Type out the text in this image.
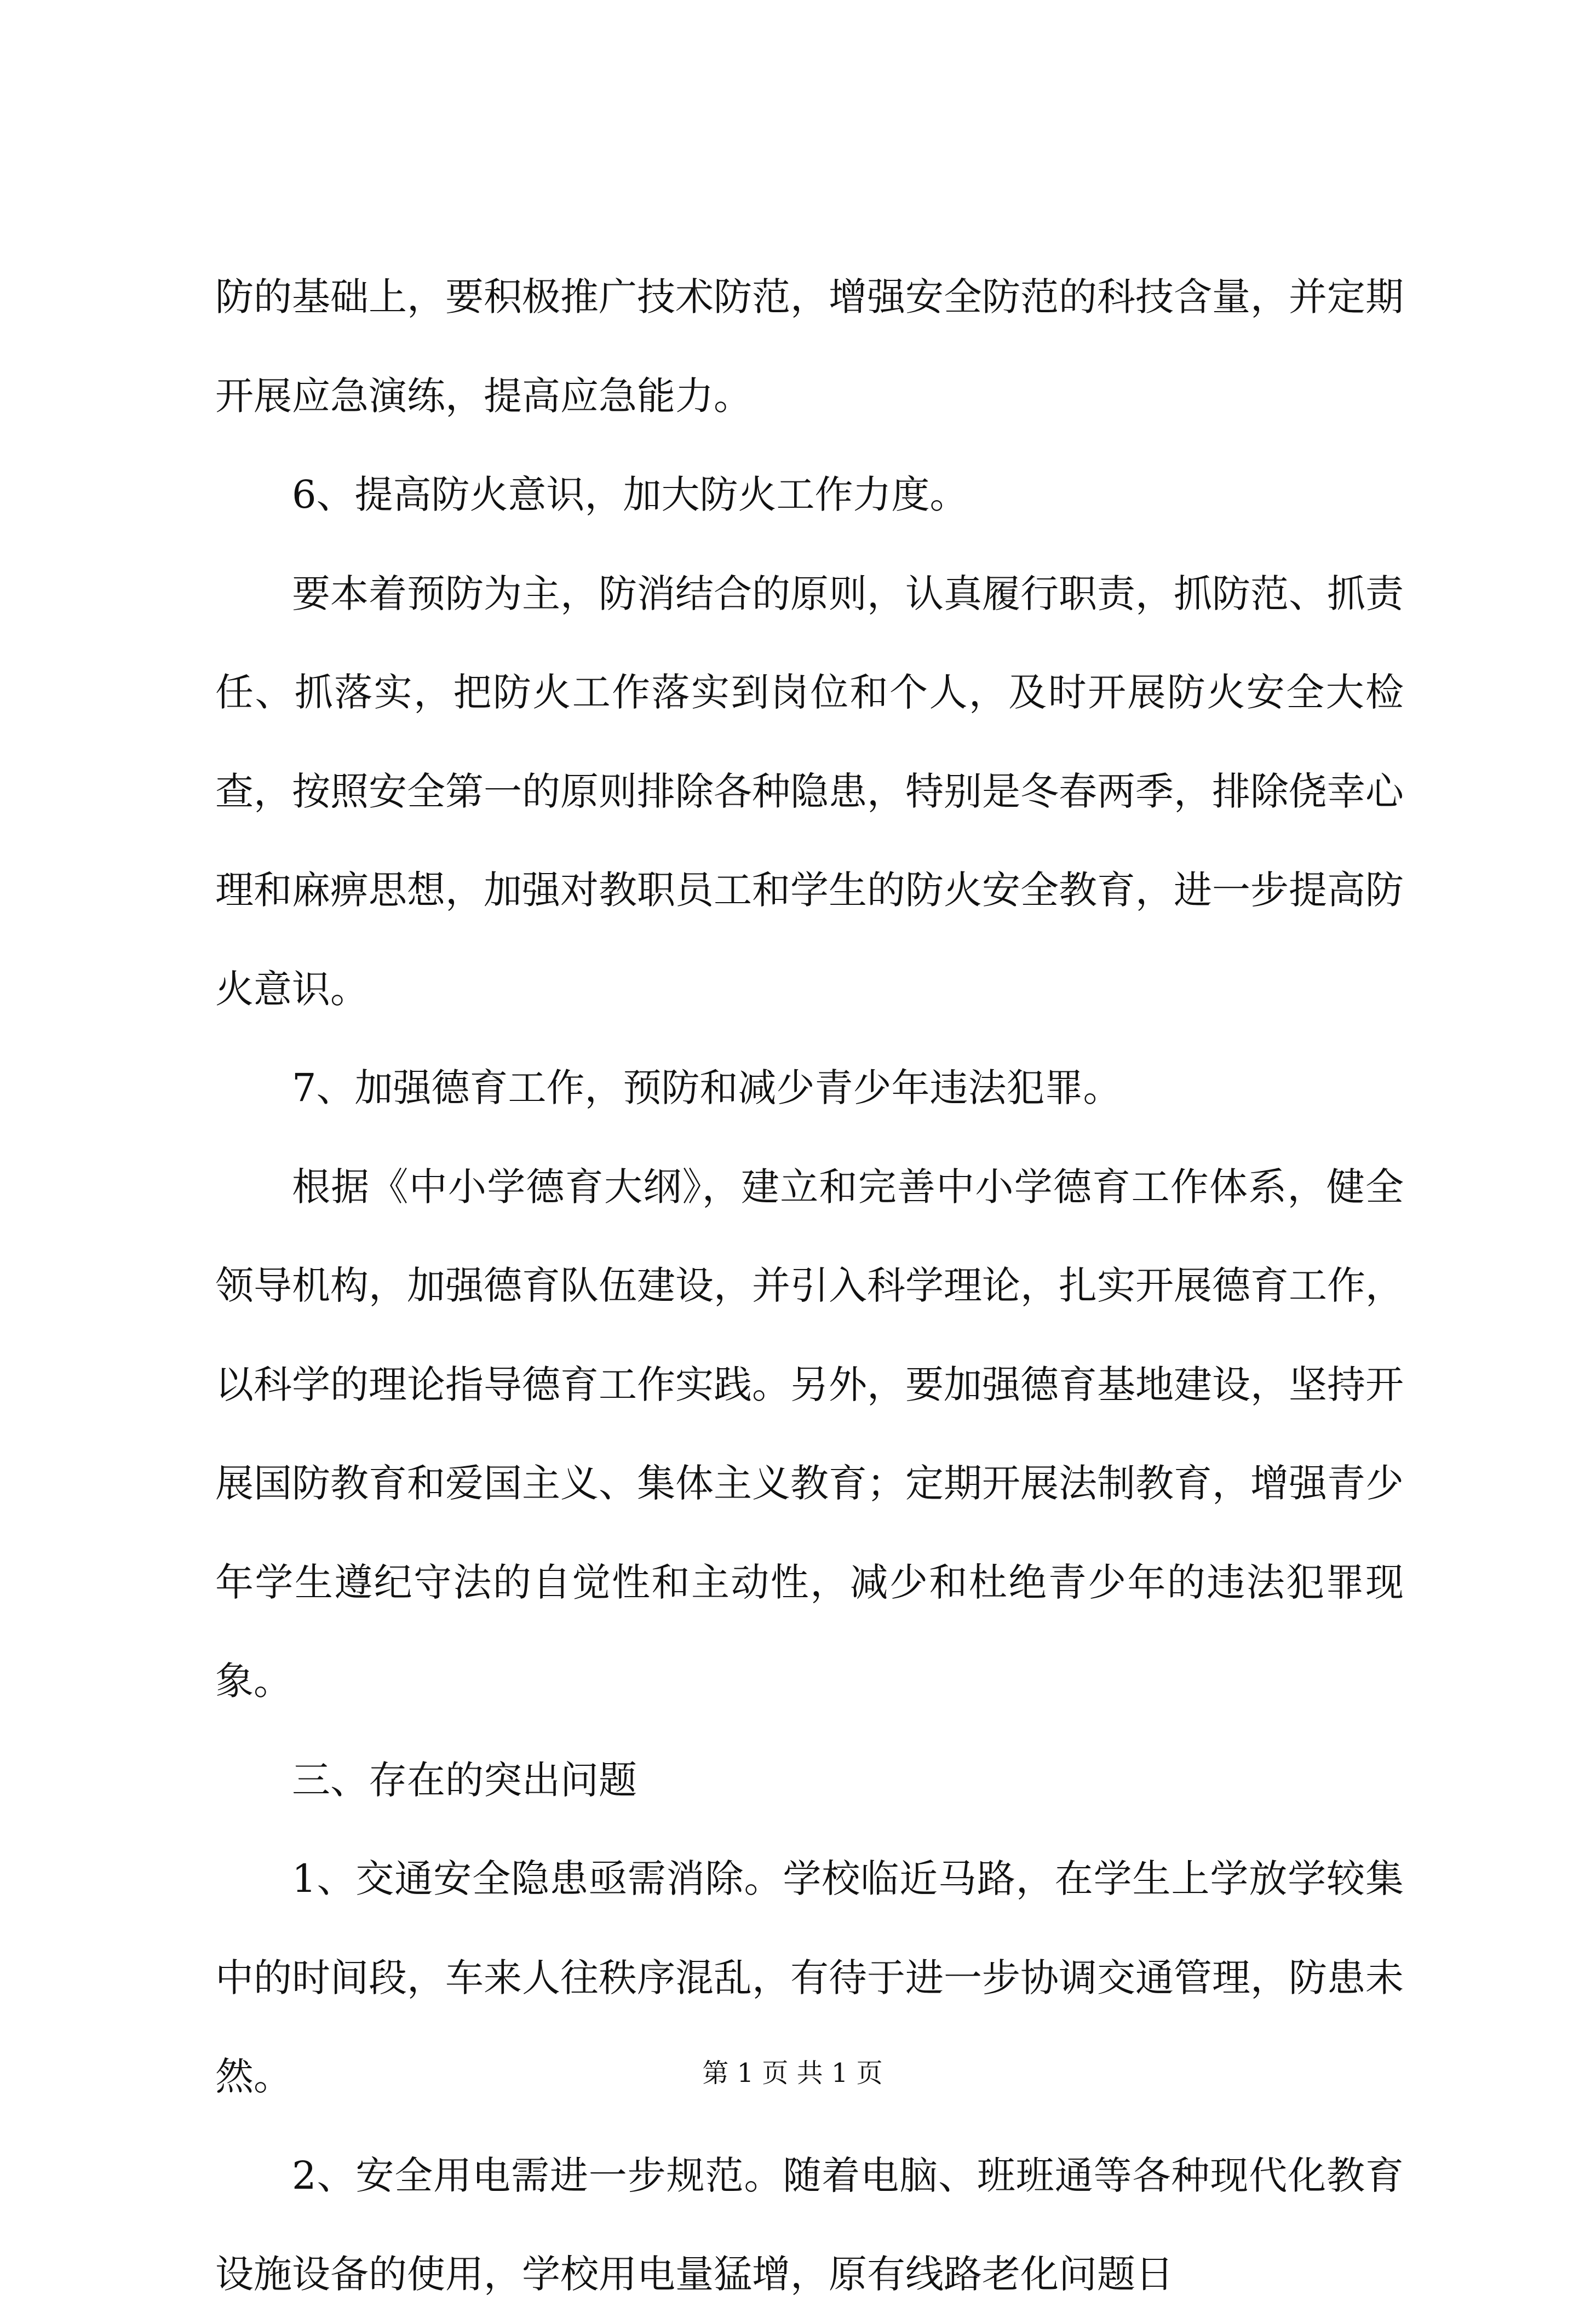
防的基础上，要积极推广技术防范，增强安全防范的科技含量，并定期开展应急演练，提高应急能力。

6、提高防火意识，加大防火工作力度。

要本着预防为主，防消结合的原则，认真履行职责，抓防范、抓责任、抓落实，把防火工作落实到岗位和个人，及时开展防火安全大检查，按照安全第一的原则排除各种隐患，特别是冬春两季，排除侥幸心理和麻痹思想，加强对教职员工和学生的防火安全教育，进一步提高防火意识。

7、加强德育工作，预防和减少青少年违法犯罪。

根据《中小学德育大纲》，建立和完善中小学德育工作体系，健全领导机构，加强德育队伍建设，并引入科学理论，扎实开展德育工作，以科学的理论指导德育工作实践。另外，要加强德育基地建设，坚持开展国防教育和爱国主义、集体主义教育；定期开展法制教育，增强青少年学生遵纪守法的自觉性和主动性，减少和杜绝青少年的违法犯罪现象。

三、存在的突出问题

1、交通安全隐患亟需消除。学校临近马路，在学生上学放学较集中的时间段，车来人往秩序混乱，有待于进一步协调交通管理，防患未然。

2、安全用电需进一步规范。随着电脑、班班通等各种现代化教育设施设备的使用，学校用电量猛增，原有线路老化问题日

第 1 页 共 1 页
